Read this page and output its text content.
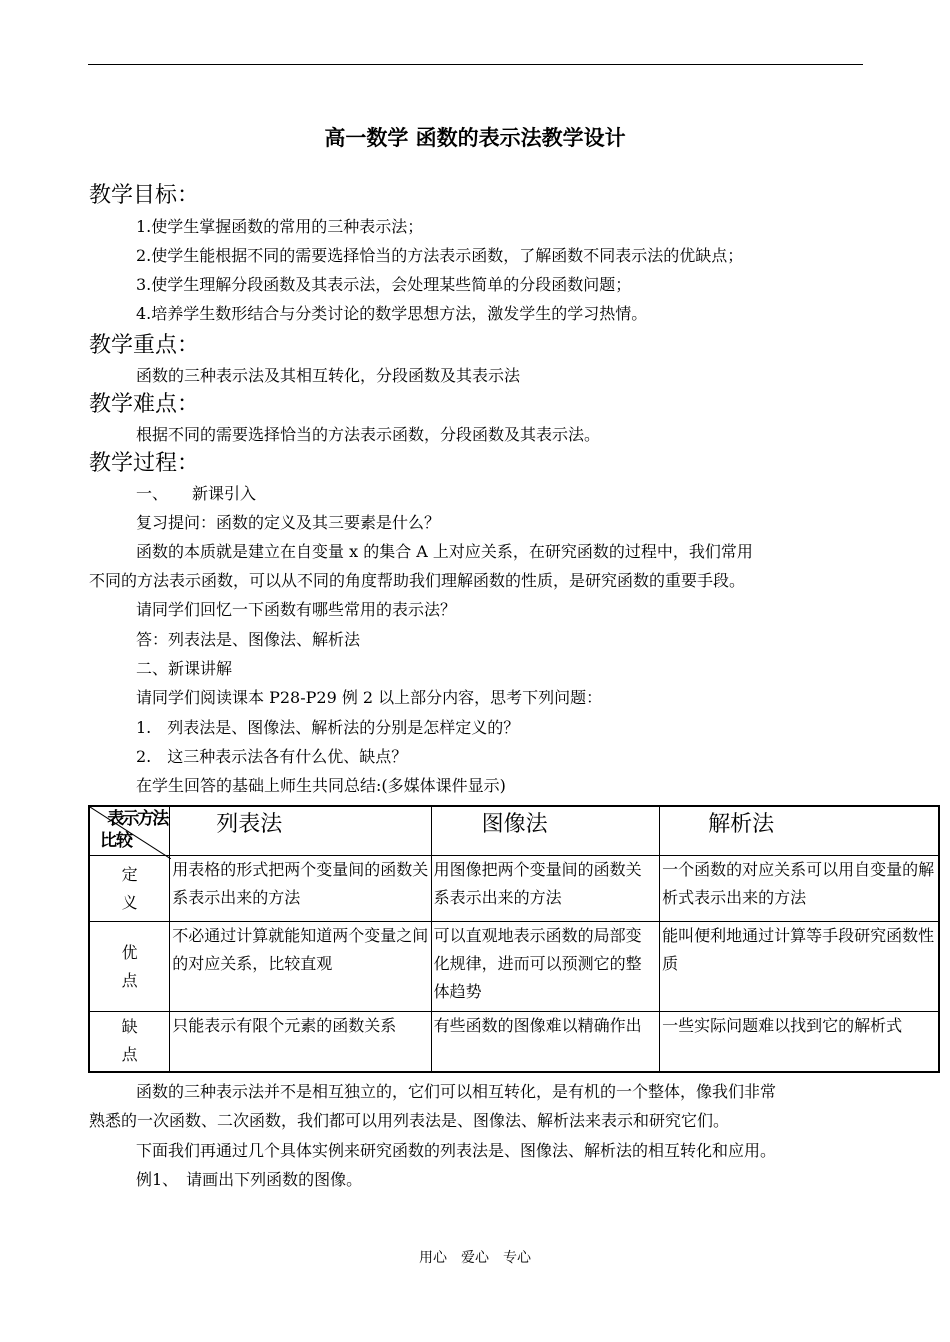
高一数学 函数的表示法教学设计
教学目标：
1.使学生掌握函数的常用的三种表示法；
2.使学生能根据不同的需要选择恰当的方法表示函数，了解函数不同表示法的优缺点；
3.使学生理解分段函数及其表示法，会处理某些简单的分段函数问题；
4.培养学生数形结合与分类讨论的数学思想方法，激发学生的学习热情。
教学重点：
函数的三种表示法及其相互转化，分段函数及其表示法
教学难点：
根据不同的需要选择恰当的方法表示函数，分段函数及其表示法。
教学过程：
一、　　新课引入
复习提问：函数的定义及其三要素是什么？
函数的本质就是建立在自变量 x 的集合 A 上对应关系，在研究函数的过程中，我们常用
不同的方法表示函数，可以从不同的角度帮助我们理解函数的性质，是研究函数的重要手段。
请同学们回忆一下函数有哪些常用的表示法？
答：列表法是、图像法、解析法
二、新课讲解
请同学们阅读课本 P28-P29 例 2 以上部分内容，思考下列问题：
1.　列表法是、图像法、解析法的分别是怎样定义的？
2.　这三种表示法各有什么优、缺点？
在学生回答的基础上师生共同总结:(多媒体课件显示)
表示方法
比较	列表法	图像法	解析法
定
义	用表格的形式把两个变量间的函数关系表示出来的方法	用图像把两个变量间的函数关系表示出来的方法	一个函数的对应关系可以用自变量的解析式表示出来的方法
优
点	不必通过计算就能知道两个变量之间的对应关系，比较直观	可以直观地表示函数的局部变化规律，进而可以预测它的整体趋势	能叫便利地通过计算等手段研究函数性质
缺
点	只能表示有限个元素的函数关系	有些函数的图像难以精确作出	一些实际问题难以找到它的解析式
函数的三种表示法并不是相互独立的，它们可以相互转化，是有机的一个整体，像我们非常
熟悉的一次函数、二次函数，我们都可以用列表法是、图像法、解析法来表示和研究它们。
下面我们再通过几个具体实例来研究函数的列表法是、图像法、解析法的相互转化和应用。
例1、　请画出下列函数的图像。
用心　爱心　专心
